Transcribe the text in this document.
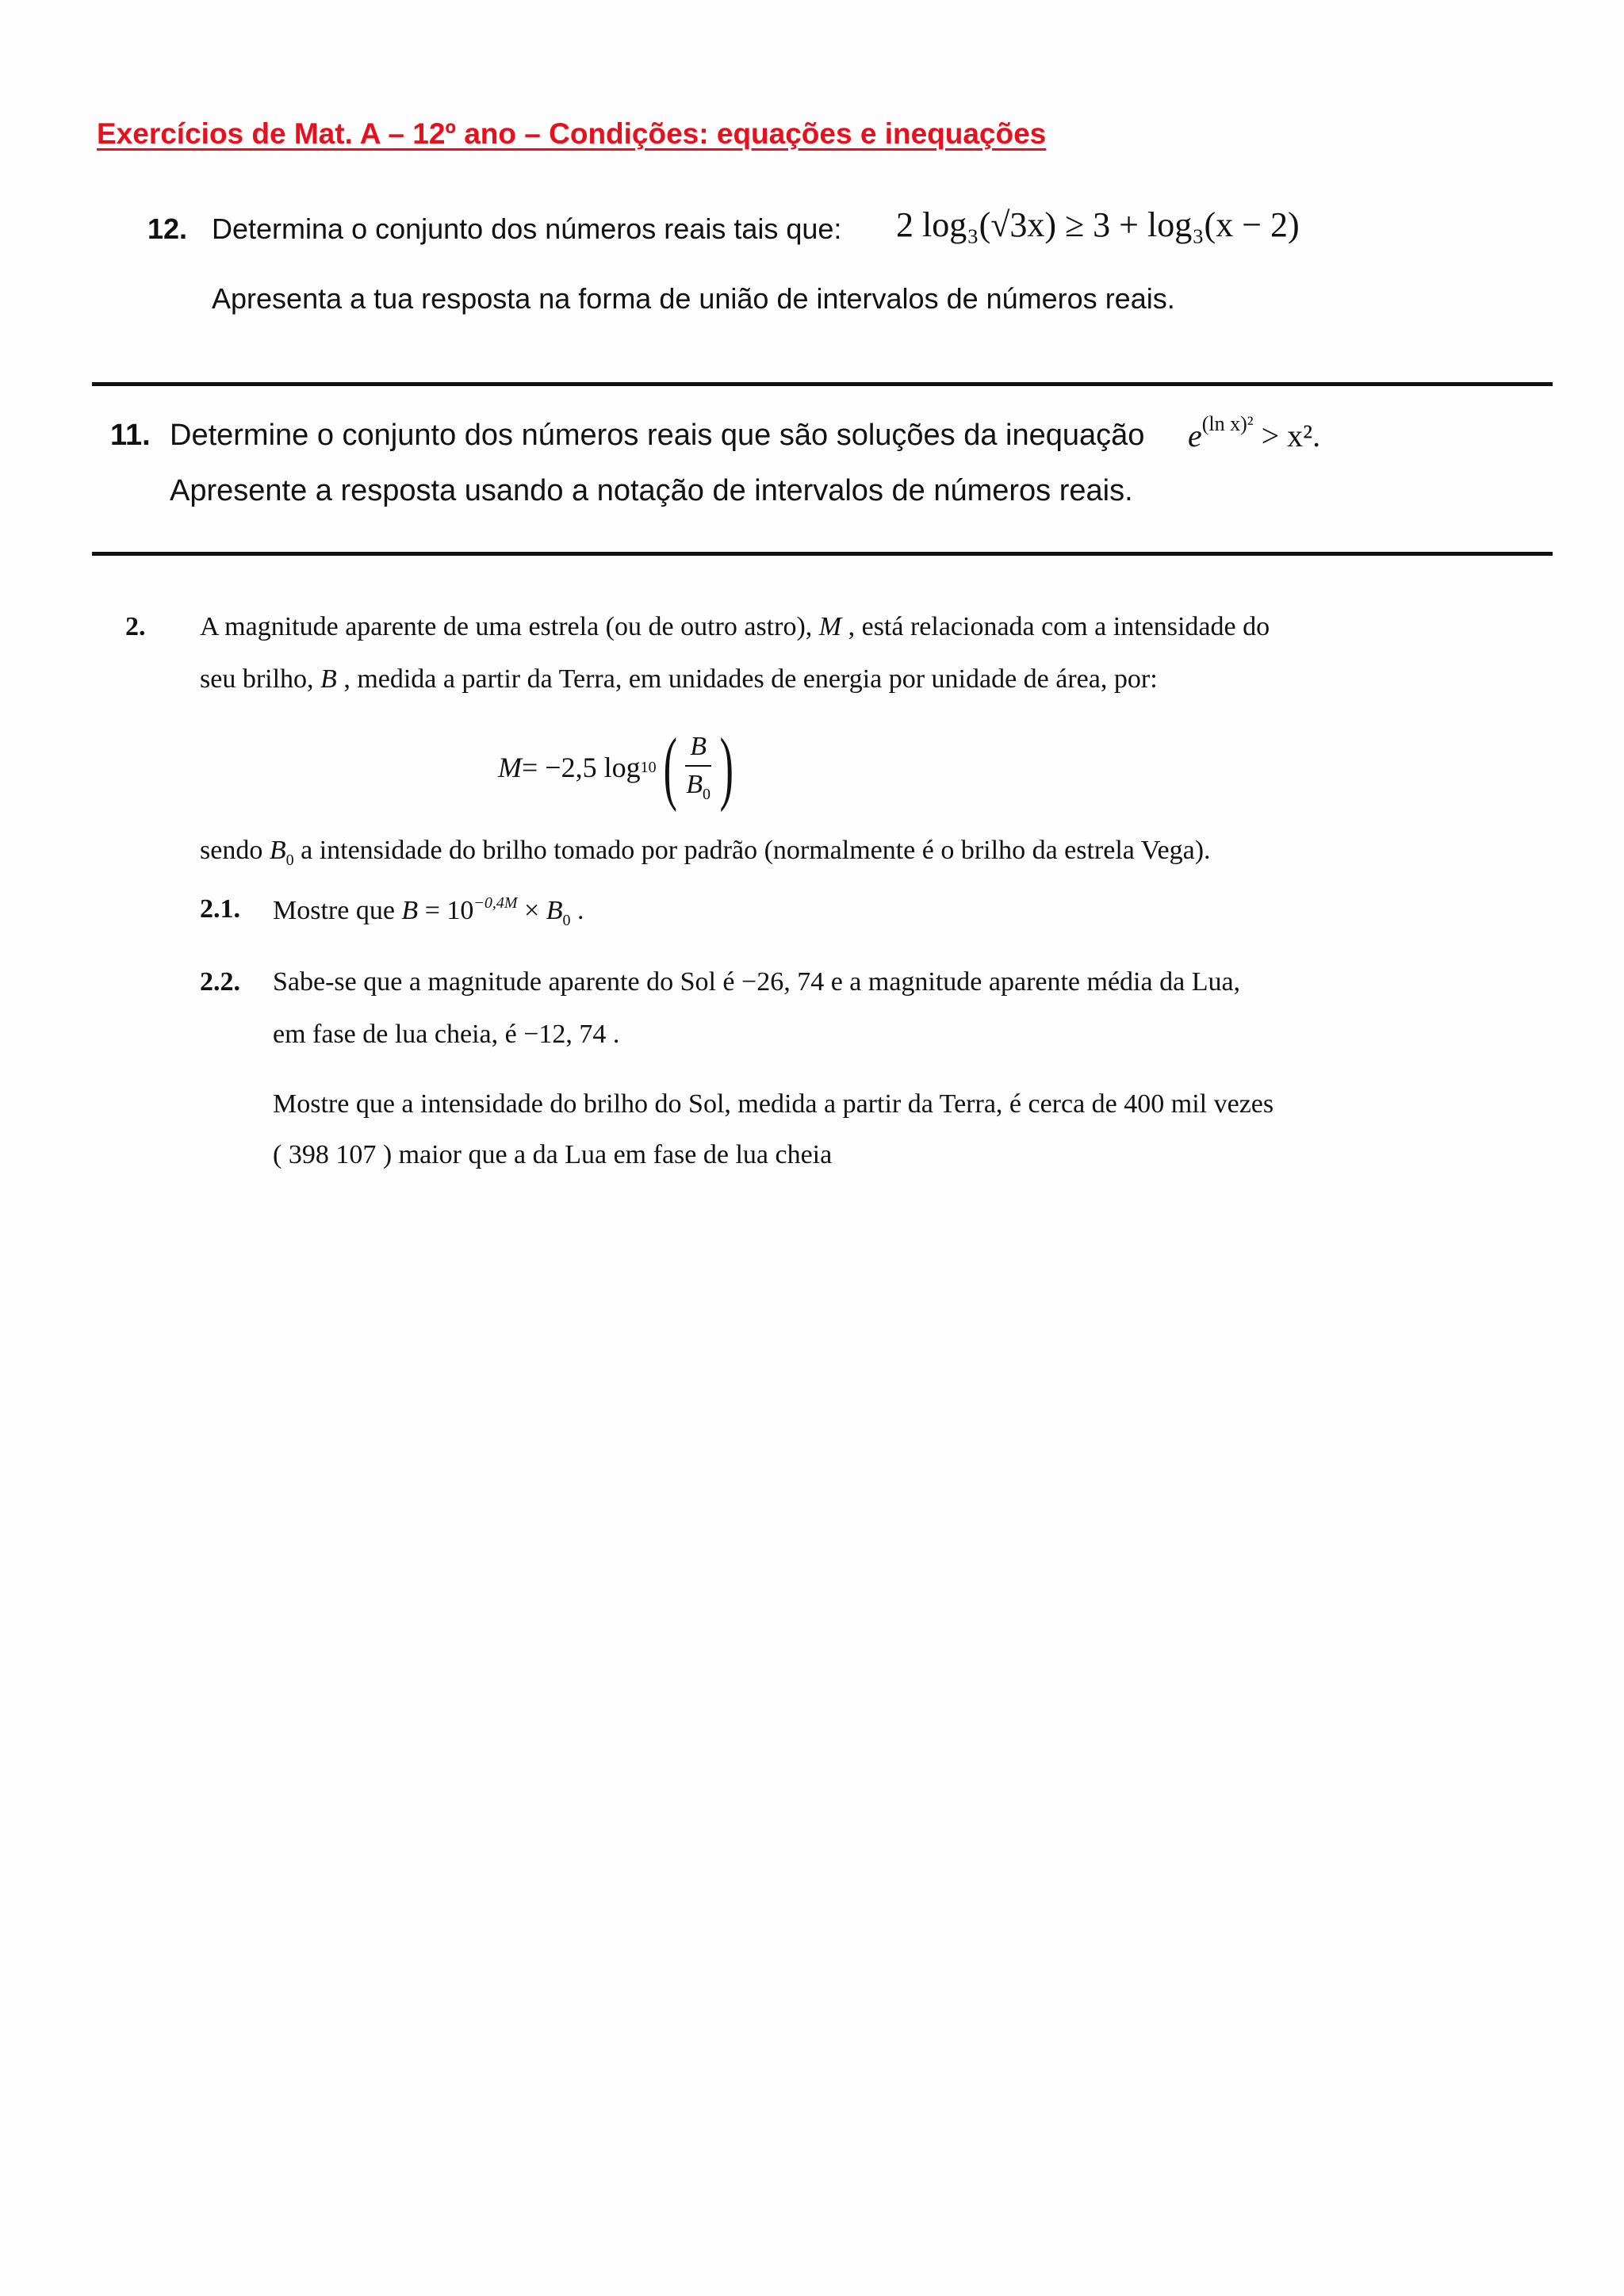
Exercícios de Mat. A – 12º ano – Condições: equações e inequações
12. Determina o conjunto dos números reais tais que: 2 log₃(√3x) ≥ 3 + log₃(x − 2)
Apresenta a tua resposta na forma de união de intervalos de números reais.
11. Determine o conjunto dos números reais que são soluções da inequação $e^{(ln x)^2} > x^2$.
Apresente a resposta usando a notação de intervalos de números reais.
2. A magnitude aparente de uma estrela (ou de outro astro), M , está relacionada com a intensidade do
seu brilho, B , medida a partir da Terra, em unidades de energia por unidade de área, por:
M = −2,5 log 10 ( $\frac{B}{B_0}$ )
sendo $B_0$ a intensidade do brilho tomado por padrão (normalmente é o brilho da estrela Vega).
2.1. Mostre que $B = 10^{-0,4M} \times B_0$ .
2.2. Sabe-se que a magnitude aparente do Sol é −26, 74 e a magnitude aparente média da Lua,
em fase de lua cheia, é −12, 74 .
Mostre que a intensidade do brilho do Sol, medida a partir da Terra, é cerca de 400 mil vezes
( 398 107 ) maior que a da Lua em fase de lua cheia
